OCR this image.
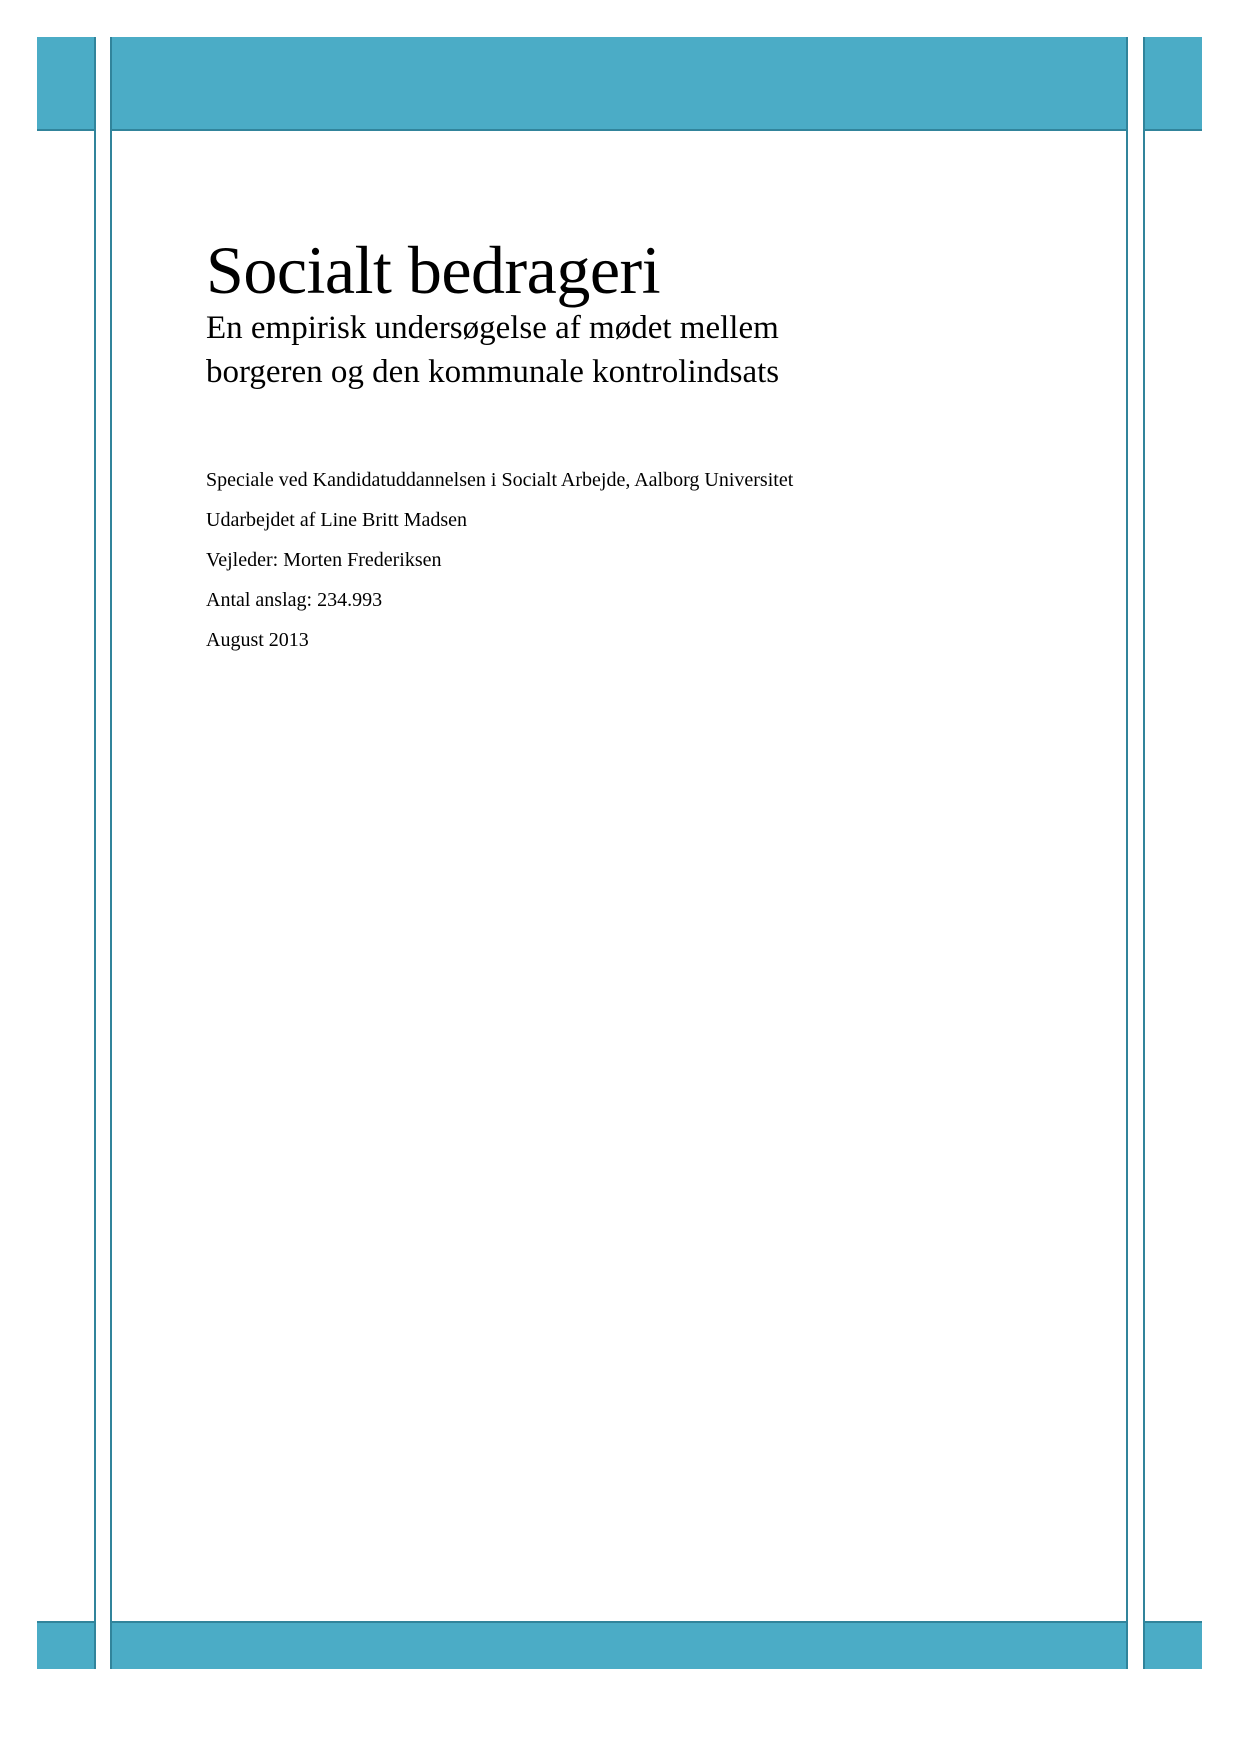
Socialt bedrageri
En empirisk undersøgelse af mødet mellem
borgeren og den kommunale kontrolindsats
Speciale ved Kandidatuddannelsen i Socialt Arbejde, Aalborg Universitet
Udarbejdet af Line Britt Madsen
Vejleder: Morten Frederiksen
Antal anslag: 234.993
August 2013
